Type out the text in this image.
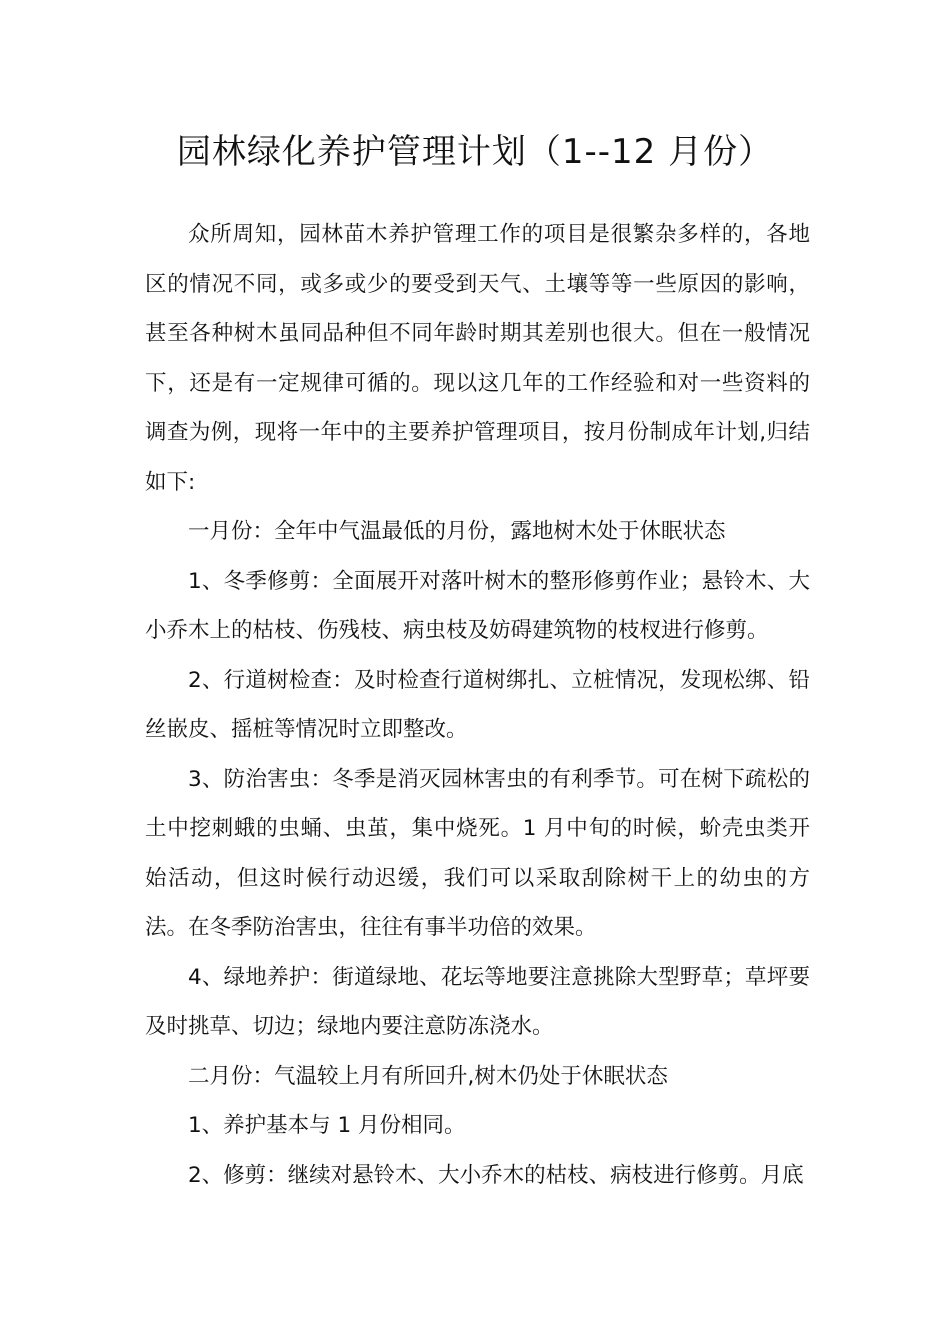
园林绿化养护管理计划（1--12 月份）

众所周知，园林苗木养护管理工作的项目是很繁杂多样的，各地区的情况不同，或多或少的要受到天气、土壤等等一些原因的影响，甚至各种树木虽同品种但不同年龄时期其差别也很大。但在一般情况下，还是有一定规律可循的。现以这几年的工作经验和对一些资料的调查为例，现将一年中的主要养护管理项目，按月份制成年计划,归结如下:

一月份：全年中气温最低的月份，露地树木处于休眠状态

1、冬季修剪：全面展开对落叶树木的整形修剪作业；悬铃木、大小乔木上的枯枝、伤残枝、病虫枝及妨碍建筑物的枝杈进行修剪。

2、行道树检查：及时检查行道树绑扎、立桩情况，发现松绑、铅丝嵌皮、摇桩等情况时立即整改。

3、防治害虫：冬季是消灭园林害虫的有利季节。可在树下疏松的土中挖刺蛾的虫蛹、虫茧，集中烧死。1 月中旬的时候，蚧壳虫类开始活动，但这时候行动迟缓，我们可以采取刮除树干上的幼虫的方法。在冬季防治害虫，往往有事半功倍的效果。

4、绿地养护：街道绿地、花坛等地要注意挑除大型野草；草坪要及时挑草、切边；绿地内要注意防冻浇水。

二月份：气温较上月有所回升,树木仍处于休眠状态

1、养护基本与 1 月份相同。

2、修剪：继续对悬铃木、大小乔木的枯枝、病枝进行修剪。月底
